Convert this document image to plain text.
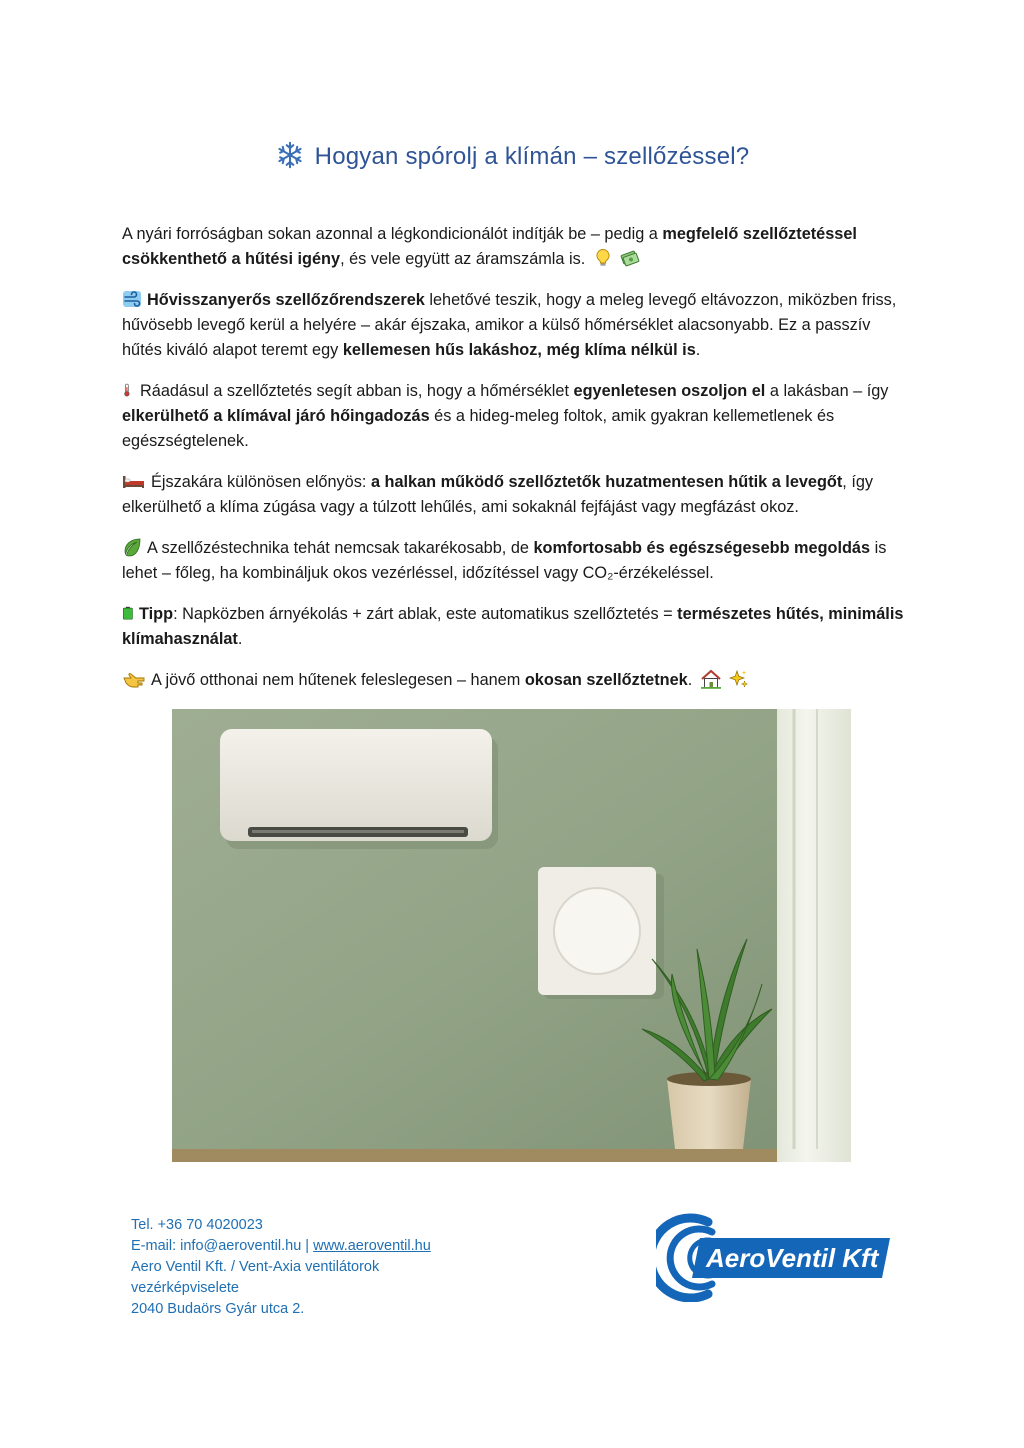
Hogyan spórolj a klímán – szellőzéssel?

A nyári forróságban sokan azonnal a légkondicionálót indítják be – pedig a megfelelő szellőztetéssel csökkenthető a hűtési igény, és vele együtt az áramszámla is.

Hővisszanyerős szellőzőrendszerek lehetővé teszik, hogy a meleg levegő eltávozzon, miközben friss, hűvösebb levegő kerül a helyére – akár éjszaka, amikor a külső hőmérséklet alacsonyabb. Ez a passzív hűtés kiváló alapot teremt egy kellemesen hűs lakáshoz, még klíma nélkül is.

Ráadásul a szellőztetés segít abban is, hogy a hőmérséklet egyenletesen oszoljon el a lakásban – így elkerülhető a klímával járó hőingadozás és a hideg-meleg foltok, amik gyakran kellemetlenek és egészségtelenek.

Éjszakára különösen előnyös: a halkan működő szellőztetők huzatmentesen hűtik a levegőt, így elkerülhető a klíma zúgása vagy a túlzott lehűlés, ami sokaknál fejfájást vagy megfázást okoz.

A szellőzéstechnika tehát nemcsak takarékosabb, de komfortosabb és egészségesebb megoldás is lehet – főleg, ha kombináljuk okos vezérléssel, időzítéssel vagy CO₂-érzékeléssel.

Tipp: Napközben árnyékolás + zárt ablak, este automatikus szellőztetés = természetes hűtés, minimális klímahasználat.

A jövő otthonai nem hűtenek feleslegesen – hanem okosan szellőztetnek.

Tel. +36 70 4020023
E-mail: info@aeroventil.hu | www.aeroventil.hu
Aero Ventil Kft. / Vent-Axia ventilátorok
vezérképviselete
2040 Budaörs Gyár utca 2.
AeroVentil Kft
